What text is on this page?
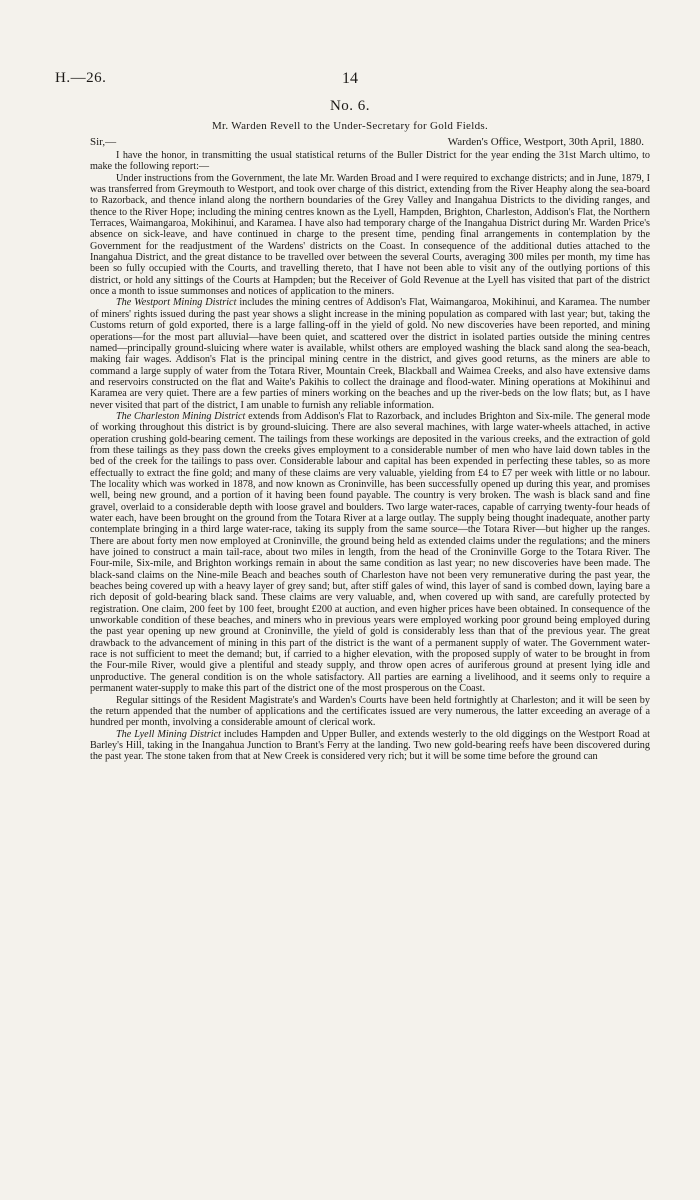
H.—26.	14
No. 6.
Mr. Warden Revell to the Under-Secretary for Gold Fields.
Sir,—	Warden's Office, Westport, 30th April, 1880.

I have the honor, in transmitting the usual statistical returns of the Buller District for the year ending the 31st March ultimo, to make the following report:—

Under instructions from the Government, the late Mr. Warden Broad and I were required to exchange districts; and in June, 1879, I was transferred from Greymouth to Westport, and took over charge of this district, extending from the River Heaphy along the sea-board to Razorback, and thence inland along the northern boundaries of the Grey Valley and Inangahua Districts to the dividing ranges, and thence to the River Hope; including the mining centres known as the Lyell, Hampden, Brighton, Charleston, Addison's Flat, the Northern Terraces, Waimangaroa, Mokihinui, and Karamea. I have also had temporary charge of the Inangahua District during Mr. Warden Price's absence on sick-leave, and have continued in charge to the present time, pending final arrangements in contemplation by the Government for the readjustment of the Wardens' districts on the Coast. In consequence of the additional duties attached to the Inangahua District, and the great distance to be travelled over between the several Courts, averaging 300 miles per month, my time has been so fully occupied with the Courts, and travelling thereto, that I have not been able to visit any of the outlying portions of this district, or hold any sittings of the Courts at Hampden; but the Receiver of Gold Revenue at the Lyell has visited that part of the district once a month to issue summonses and notices of application to the miners.

The Westport Mining District includes the mining centres of Addison's Flat, Waimangaroa, Mokihinui, and Karamea. The number of miners' rights issued during the past year shows a slight increase in the mining population as compared with last year; but, taking the Customs return of gold exported, there is a large falling-off in the yield of gold. No new discoveries have been reported, and mining operations—for the most part alluvial—have been quiet, and scattered over the district in isolated parties outside the mining centres named—principally ground-sluicing where water is available, whilst others are employed washing the black sand along the sea-beach, making fair wages. Addison's Flat is the principal mining centre in the district, and gives good returns, as the miners are able to command a large supply of water from the Totara River, Mountain Creek, Blackball and Waimea Creeks, and also have extensive dams and reservoirs constructed on the flat and Waite's Pakihis to collect the drainage and flood-water. Mining operations at Mokihinui and Karamea are very quiet. There are a few parties of miners working on the beaches and up the river-beds on the low flats; but, as I have never visited that part of the district, I am unable to furnish any reliable information.

The Charleston Mining District extends from Addison's Flat to Razorback, and includes Brighton and Six-mile. The general mode of working throughout this district is by ground-sluicing. There are also several machines, with large water-wheels attached, in active operation crushing gold-bearing cement. The tailings from these workings are deposited in the various creeks, and the extraction of gold from these tailings as they pass down the creeks gives employment to a considerable number of men who have laid down tables in the bed of the creek for the tailings to pass over. Considerable labour and capital has been expended in perfecting these tables, so as more effectually to extract the fine gold; and many of these claims are very valuable, yielding from £4 to £7 per week with little or no labour. The locality which was worked in 1878, and now known as Croninville, has been successfully opened up during this year, and promises well, being new ground, and a portion of it having been found payable. The country is very broken. The wash is black sand and fine gravel, overlaid to a considerable depth with loose gravel and boulders. Two large water-races, capable of carrying twenty-four heads of water each, have been brought on the ground from the Totara River at a large outlay. The supply being thought inadequate, another party contemplate bringing in a third large water-race, taking its supply from the same source—the Totara River—but higher up the ranges. There are about forty men now employed at Croninville, the ground being held as extended claims under the regulations; and the miners have joined to construct a main tail-race, about two miles in length, from the head of the Croninville Gorge to the Totara River. The Four-mile, Six-mile, and Brighton workings remain in about the same condition as last year; no new discoveries have been made. The black-sand claims on the Nine-mile Beach and beaches south of Charleston have not been very remunerative during the past year, the beaches being covered up with a heavy layer of grey sand; but, after stiff gales of wind, this layer of sand is combed down, laying bare a rich deposit of gold-bearing black sand. These claims are very valuable, and, when covered up with sand, are carefully protected by registration. One claim, 200 feet by 100 feet, brought £200 at auction, and even higher prices have been obtained. In consequence of the unworkable condition of these beaches, and miners who in previous years were employed working poor ground being employed during the past year opening up new ground at Croninville, the yield of gold is considerably less than that of the previous year. The great drawback to the advancement of mining in this part of the district is the want of a permanent supply of water. The Government water-race is not sufficient to meet the demand; but, if carried to a higher elevation, with the proposed supply of water to be brought in from the Four-mile River, would give a plentiful and steady supply, and throw open acres of auriferous ground at present lying idle and unproductive. The general condition is on the whole satisfactory. All parties are earning a livelihood, and it seems only to require a permanent water-supply to make this part of the district one of the most prosperous on the Coast.

Regular sittings of the Resident Magistrate's and Warden's Courts have been held fortnightly at Charleston; and it will be seen by the return appended that the number of applications and the certificates issued are very numerous, the latter exceeding an average of a hundred per month, involving a considerable amount of clerical work.

The Lyell Mining District includes Hampden and Upper Buller, and extends westerly to the old diggings on the Westport Road at Barley's Hill, taking in the Inangahua Junction to Brant's Ferry at the landing. Two new gold-bearing reefs have been discovered during the past year. The stone taken from that at New Creek is considered very rich; but it will be some time before the ground can
